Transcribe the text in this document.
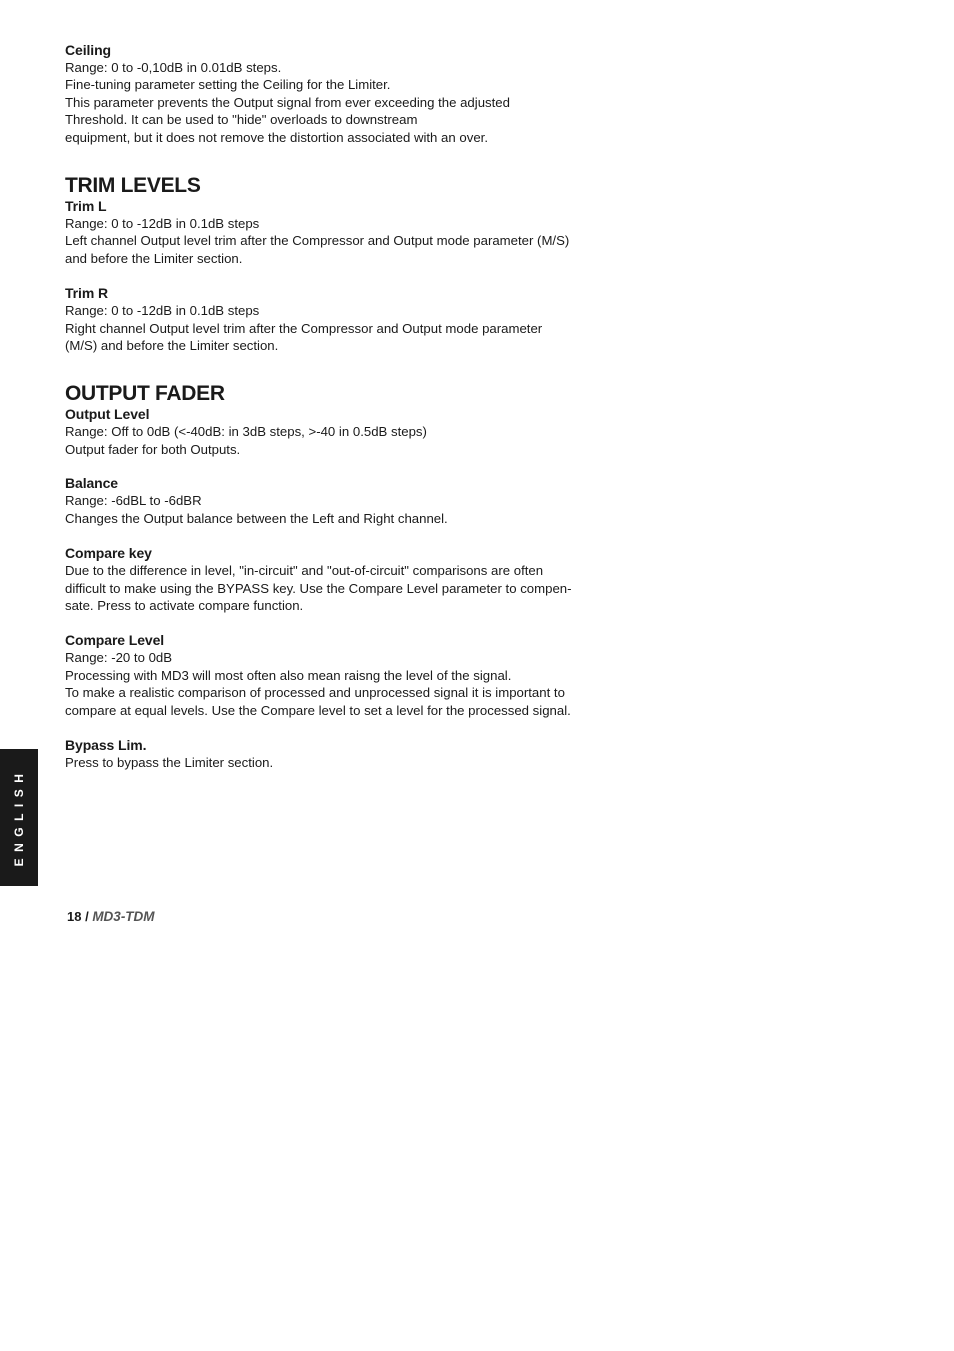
Ceiling

Range: 0 to -0,10dB in 0.01dB steps.

Fine-tuning parameter setting the Ceiling for the Limiter.

This parameter prevents the Output signal from ever exceeding the adjusted

Threshold. It can be used to "hide" overloads to downstream

equipment, but it does not remove the distortion associated with an over.

TRIM LEVELS

Trim L

Range: 0 to -12dB in 0.1dB steps

Left channel Output level trim after the Compressor and Output mode parameter (M/S)

and before the Limiter section.

Trim R

Range: 0 to -12dB in 0.1dB steps

Right channel Output level trim after the Compressor and Output mode parameter

(M/S) and before the Limiter section.

OUTPUT FADER

Output Level

Range: Off to 0dB (<-40dB: in 3dB steps, >-40 in 0.5dB steps)

Output fader for both Outputs.

Balance

Range: -6dBL to -6dBR

Changes the Output balance between the Left and Right channel.

Compare key

Due to the difference in level, "in-circuit" and "out-of-circuit" comparisons are often

difficult to make using the BYPASS key. Use the Compare Level parameter to compen-

sate. Press to activate compare function.

Compare Level

Range: -20 to 0dB

Processing with MD3 will most often also mean raisng the level of the signal.

To make a realistic comparison of processed and unprocessed signal it is important to

compare at equal levels. Use the Compare level to set a level for the processed signal.

Bypass Lim.

Press to bypass the Limiter section.

ENGLISH
18 / MD3-TDM
